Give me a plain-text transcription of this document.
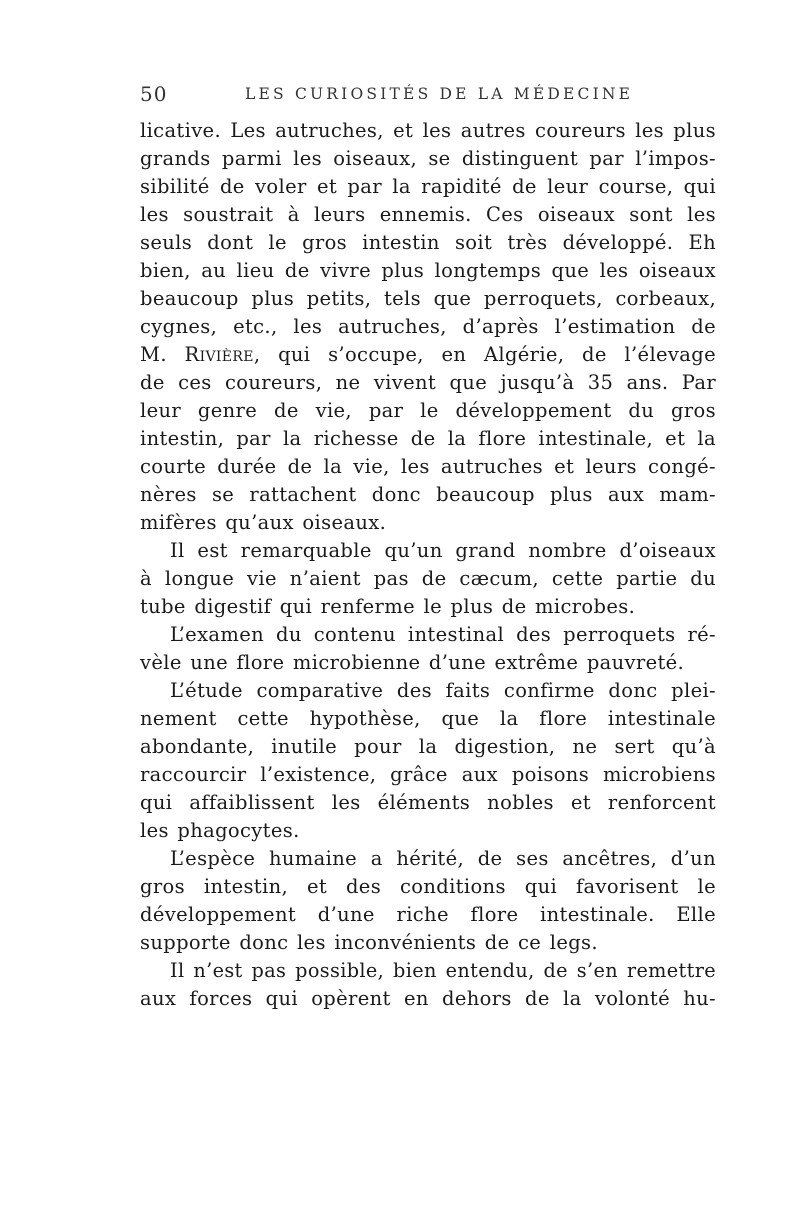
50	LES CURIOSITÉS DE LA MÉDECINE
licative. Les autruches, et les autres coureurs les plus
grands parmi les oiseaux, se distinguent par l’impos-
sibilité de voler et par la rapidité de leur course, qui
les soustrait à leurs ennemis. Ces oiseaux sont les
seuls dont le gros intestin soit très développé. Eh
bien, au lieu de vivre plus longtemps que les oiseaux
beaucoup plus petits, tels que perroquets, corbeaux,
cygnes, etc., les autruches, d’après l’estimation de
M. Rivière, qui s’occupe, en Algérie, de l’élevage
de ces coureurs, ne vivent que jusqu’à 35 ans. Par
leur genre de vie, par le développement du gros
intestin, par la richesse de la flore intestinale, et la
courte durée de la vie, les autruches et leurs congé-
nères se rattachent donc beaucoup plus aux mam-
mifères qu’aux oiseaux.
Il est remarquable qu’un grand nombre d’oiseaux
à longue vie n’aient pas de cæcum, cette partie du
tube digestif qui renferme le plus de microbes.
L’examen du contenu intestinal des perroquets ré-
vèle une flore microbienne d’une extrême pauvreté.
L’étude comparative des faits confirme donc plei-
nement cette hypothèse, que la flore intestinale
abondante, inutile pour la digestion, ne sert qu’à
raccourcir l’existence, grâce aux poisons microbiens
qui affaiblissent les éléments nobles et renforcent
les phagocytes.
L’espèce humaine a hérité, de ses ancêtres, d’un
gros intestin, et des conditions qui favorisent le
développement d’une riche flore intestinale. Elle
supporte donc les inconvénients de ce legs.
Il n’est pas possible, bien entendu, de s’en remettre
aux forces qui opèrent en dehors de la volonté hu-
